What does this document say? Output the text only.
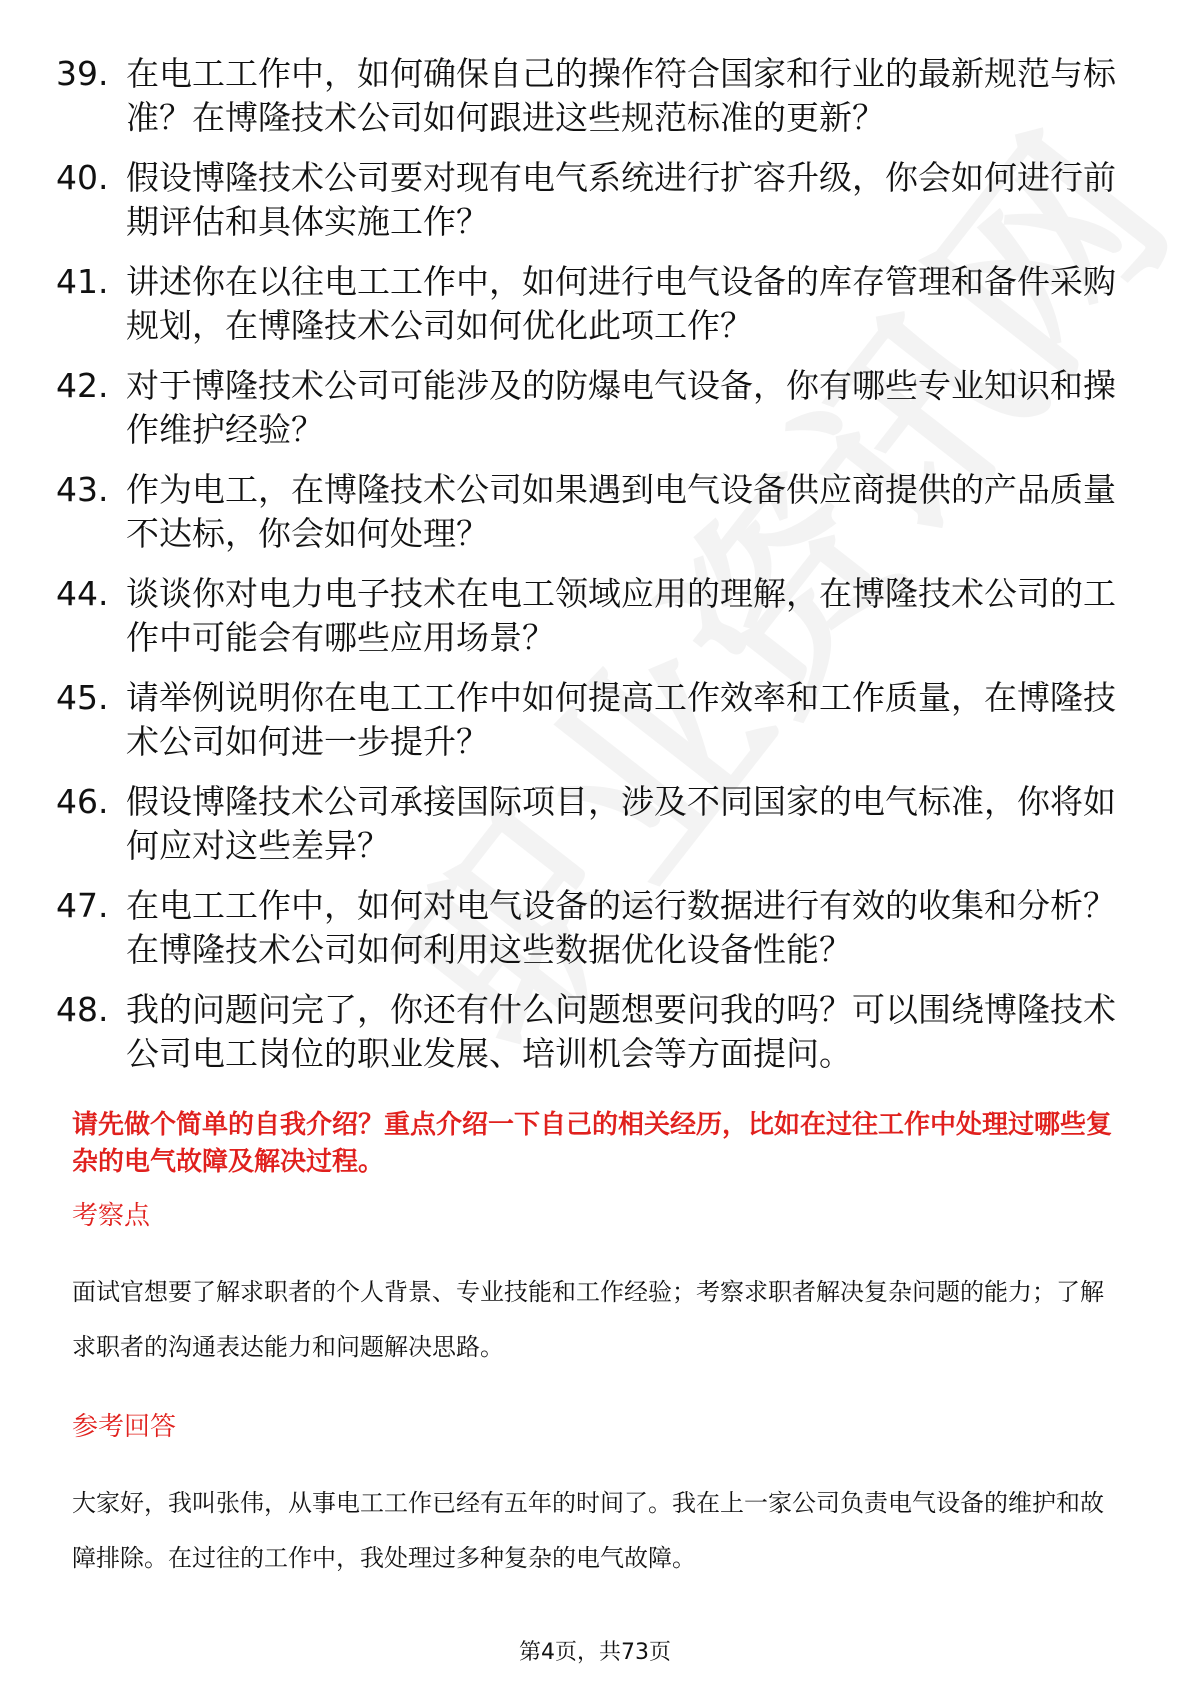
39. 在电工工作中，如何确保自己的操作符合国家和行业的最新规范与标准？在博隆技术公司如何跟进这些规范标准的更新？
40. 假设博隆技术公司要对现有电气系统进行扩容升级，你会如何进行前期评估和具体实施工作？
41. 讲述你在以往电工工作中，如何进行电气设备的库存管理和备件采购规划，在博隆技术公司如何优化此项工作？
42. 对于博隆技术公司可能涉及的防爆电气设备，你有哪些专业知识和操作维护经验？
43. 作为电工，在博隆技术公司如果遇到电气设备供应商提供的产品质量不达标，你会如何处理？
44. 谈谈你对电力电子技术在电工领域应用的理解，在博隆技术公司的工作中可能会有哪些应用场景？
45. 请举例说明你在电工工作中如何提高工作效率和工作质量，在博隆技术公司如何进一步提升？
46. 假设博隆技术公司承接国际项目，涉及不同国家的电气标准，你将如何应对这些差异？
47. 在电工工作中，如何对电气设备的运行数据进行有效的收集和分析？在博隆技术公司如何利用这些数据优化设备性能？
48. 我的问题问完了，你还有什么问题想要问我的吗？可以围绕博隆技术公司电工岗位的职业发展、培训机会等方面提问。
请先做个简单的自我介绍？重点介绍一下自己的相关经历，比如在过往工作中处理过哪些复杂的电气故障及解决过程。
考察点
面试官想要了解求职者的个人背景、专业技能和工作经验；考察求职者解决复杂问题的能力；了解求职者的沟通表达能力和问题解决思路。
参考回答
大家好，我叫张伟，从事电工工作已经有五年的时间了。我在上一家公司负责电气设备的维护和故障排除。在过往的工作中，我处理过多种复杂的电气故障。
第4页，共73页
